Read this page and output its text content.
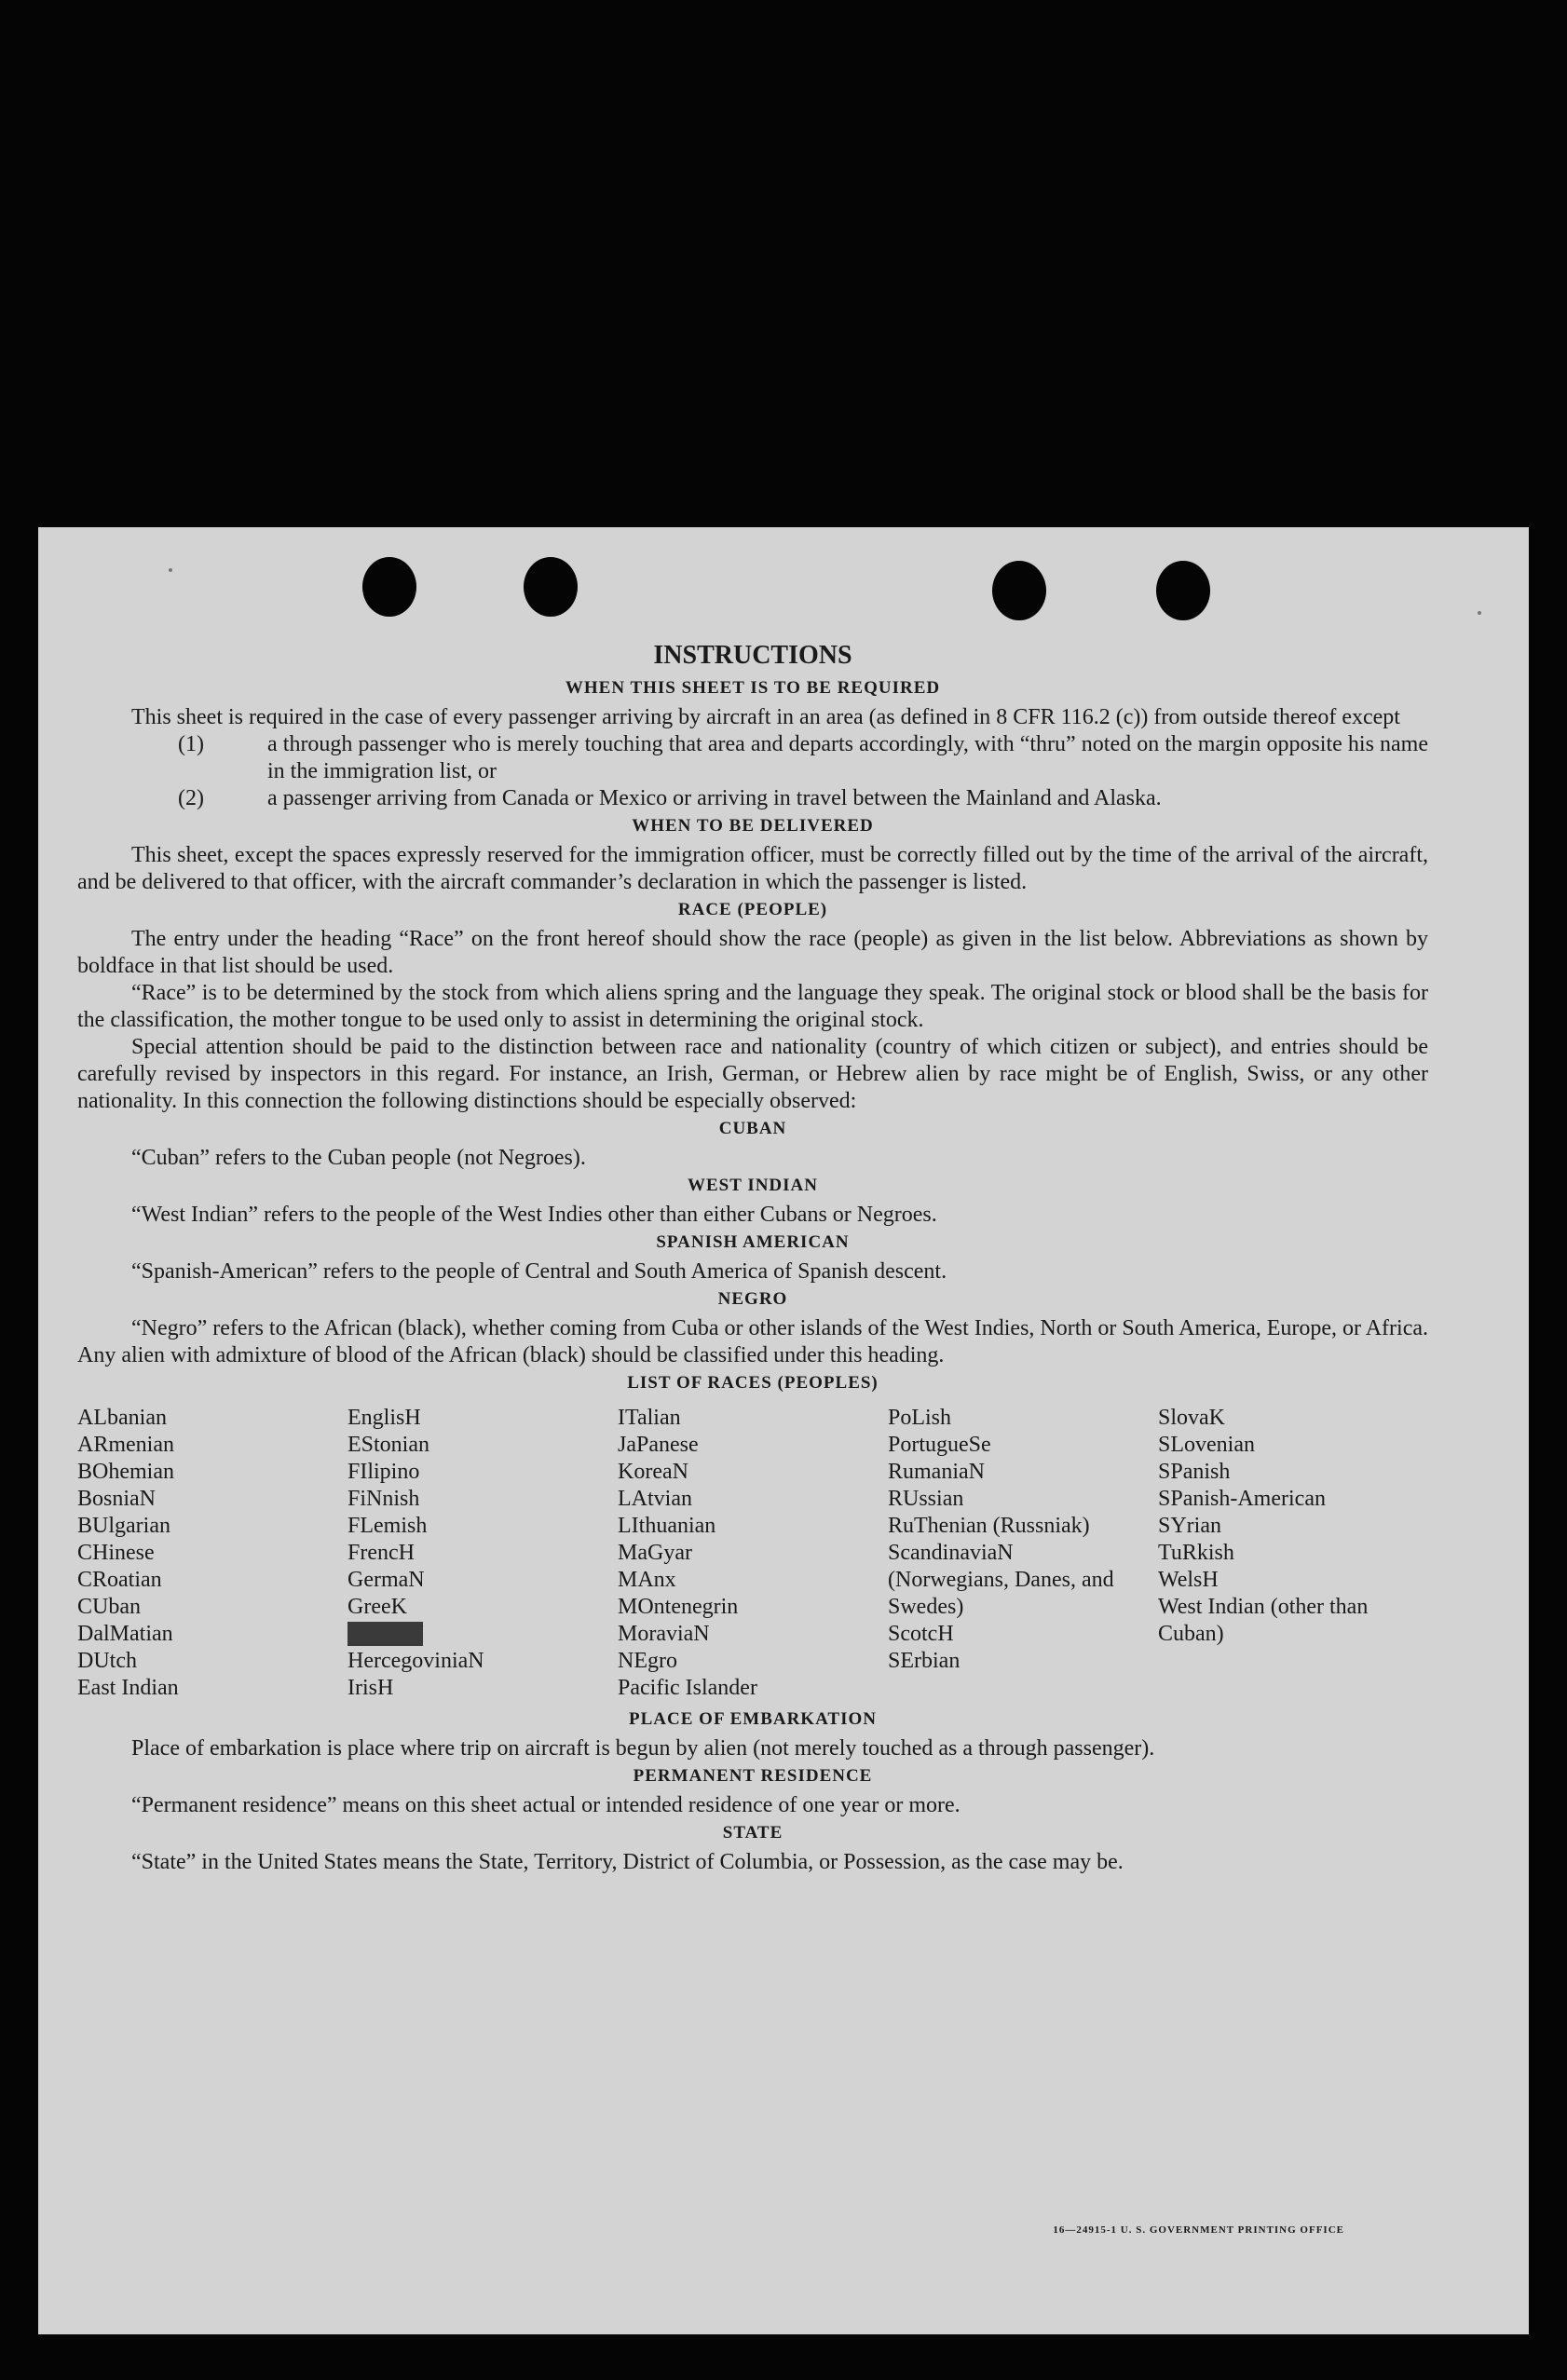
INSTRUCTIONS
WHEN THIS SHEET IS TO BE REQUIRED

This sheet is required in the case of every passenger arriving by aircraft in an area (as defined in 8 CFR 116.2 (c)) from outside thereof except

(1)	a through passenger who is merely touching that area and departs accordingly, with “thru” noted on the margin opposite his name in the immigration list, or
(2)	a passenger arriving from Canada or Mexico or arriving in travel between the Mainland and Alaska.
WHEN TO BE DELIVERED

This sheet, except the spaces expressly reserved for the immigration officer, must be correctly filled out by the time of the arrival of the aircraft, and be delivered to that officer, with the aircraft commander’s declaration in which the passenger is listed.

RACE (PEOPLE)

The entry under the heading “Race” on the front hereof should show the race (people) as given in the list below. Abbreviations as shown by boldface in that list should be used.

“Race” is to be determined by the stock from which aliens spring and the language they speak. The original stock or blood shall be the basis for the classification, the mother tongue to be used only to assist in determining the original stock.

Special attention should be paid to the distinction between race and nationality (country of which citizen or subject), and entries should be carefully revised by inspectors in this regard. For instance, an Irish, German, or Hebrew alien by race might be of English, Swiss, or any other nationality. In this connection the following distinctions should be especially observed:

CUBAN

“Cuban” refers to the Cuban people (not Negroes).

WEST INDIAN

“West Indian” refers to the people of the West Indies other than either Cubans or Negroes.

SPANISH AMERICAN

“Spanish-American” refers to the people of Central and South America of Spanish descent.

NEGRO

“Negro” refers to the African (black), whether coming from Cuba or other islands of the West Indies, North or South America, Europe, or Africa. Any alien with admixture of blood of the African (black) should be classified under this heading.

LIST OF RACES (PEOPLES)
ALbanian
ARmenian
BOhemian
BosniaN
BUlgarian
CHinese
CRoatian
CUban
DalMatian
DUtch
East Indian
EnglisH
EStonian
FIlipino
FiNnish
FLemish
FrencH
GermaN
GreeK
HebreW
HercegoviniaN
IrisH
ITalian
JaPanese
KoreaN
LAtvian
LIthuanian
MaGyar
MAnx
MOntenegrin
MoraviaN
NEgro
Pacific Islander
PoLish
PortugueSe
RumaniaN
RUssian
RuThenian (Russniak)
ScandinaviaN (Norwegians, Danes, and Swedes)
ScotcH
SErbian
SlovaK
SLovenian
SPanish
SPanish-American
SYrian
TuRkish
WelsH
West Indian (other than Cuban)
PLACE OF EMBARKATION

Place of embarkation is place where trip on aircraft is begun by alien (not merely touched as a through passenger).

PERMANENT RESIDENCE

“Permanent residence” means on this sheet actual or intended residence of one year or more.

STATE

“State” in the United States means the State, Territory, District of Columbia, or Possession, as the case may be.

16—24915-1 U. S. GOVERNMENT PRINTING OFFICE
